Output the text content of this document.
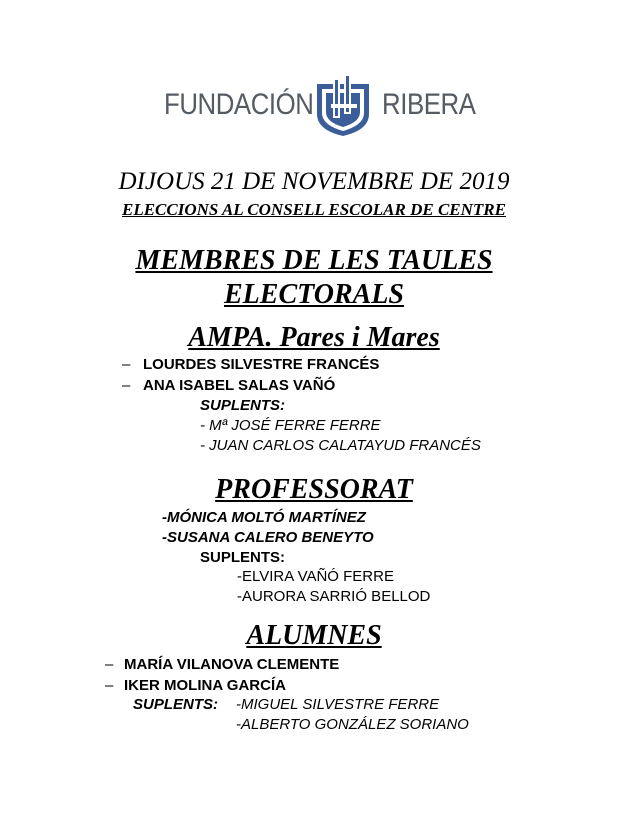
FUNDACIÓN RIBERA
DIJOUS 21 DE NOVEMBRE DE 2019
ELECCIONS AL CONSELL ESCOLAR DE CENTRE
MEMBRES DE LES TAULES
ELECTORALS
AMPA. Pares i Mares
– LOURDES SILVESTRE FRANCÉS
– ANA ISABEL SALAS VAÑÓ
SUPLENTS:
- Mª JOSÉ FERRE FERRE
- JUAN CARLOS CALATAYUD FRANCÉS
PROFESSORAT
-MÓNICA MOLTÓ MARTÍNEZ
-SUSANA CALERO BENEYTO
SUPLENTS:
-ELVIRA VAÑÓ FERRE
-AURORA SARRIÓ BELLOD
ALUMNES
– MARÍA VILANOVA CLEMENTE
– IKER MOLINA GARCÍA
SUPLENTS: -MIGUEL SILVESTRE FERRE
-ALBERTO GONZÁLEZ SORIANO
